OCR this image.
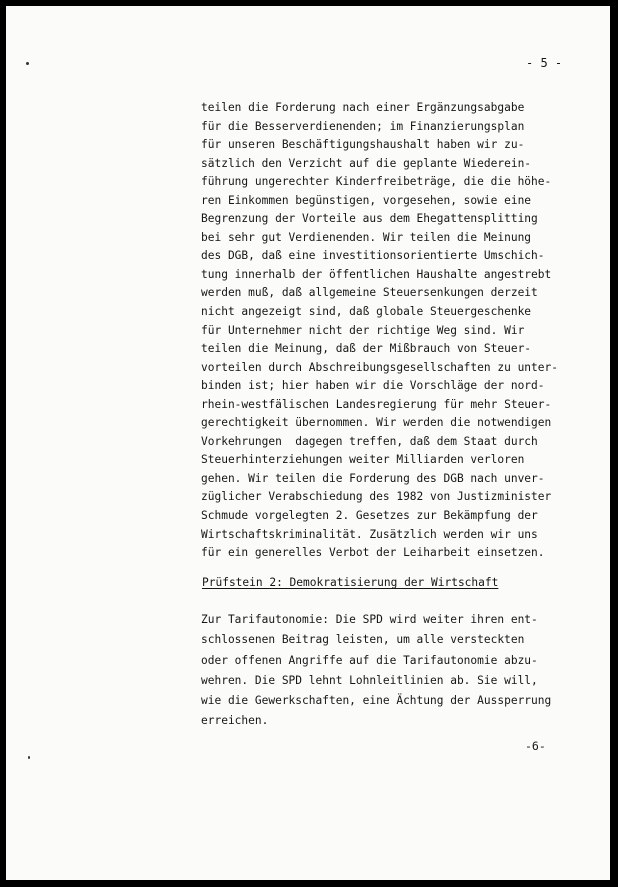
- 5 -
teilen die Forderung nach einer Ergänzungsabgabe
für die Besserverdienenden; im Finanzierungsplan
für unseren Beschäftigungshaushalt haben wir zu-
sätzlich den Verzicht auf die geplante Wiederein-
führung ungerechter Kinderfreibeträge, die die höhe-
ren Einkommen begünstigen, vorgesehen, sowie eine
Begrenzung der Vorteile aus dem Ehegattensplitting
bei sehr gut Verdienenden. Wir teilen die Meinung
des DGB, daß eine investitionsorientierte Umschich-
tung innerhalb der öffentlichen Haushalte angestrebt
werden muß, daß allgemeine Steuersenkungen derzeit
nicht angezeigt sind, daß globale Steuergeschenke
für Unternehmer nicht der richtige Weg sind. Wir
teilen die Meinung, daß der Mißbrauch von Steuer-
vorteilen durch Abschreibungsgesellschaften zu unter-
binden ist; hier haben wir die Vorschläge der nord-
rhein-westfälischen Landesregierung für mehr Steuer-
gerechtigkeit übernommen. Wir werden die notwendigen
Vorkehrungen  dagegen treffen, daß dem Staat durch
Steuerhinterziehungen weiter Milliarden verloren
gehen. Wir teilen die Forderung des DGB nach unver-
züglicher Verabschiedung des 1982 von Justizminister
Schmude vorgelegten 2. Gesetzes zur Bekämpfung der
Wirtschaftskriminalität. Zusätzlich werden wir uns
für ein generelles Verbot der Leiharbeit einsetzen.
Prüfstein 2: Demokratisierung der Wirtschaft
Zur Tarifautonomie: Die SPD wird weiter ihren ent-
schlossenen Beitrag leisten, um alle versteckten
oder offenen Angriffe auf die Tarifautonomie abzu-
wehren. Die SPD lehnt Lohnleitlinien ab. Sie will,
wie die Gewerkschaften, eine Ächtung der Aussperrung
erreichen.
-6-
